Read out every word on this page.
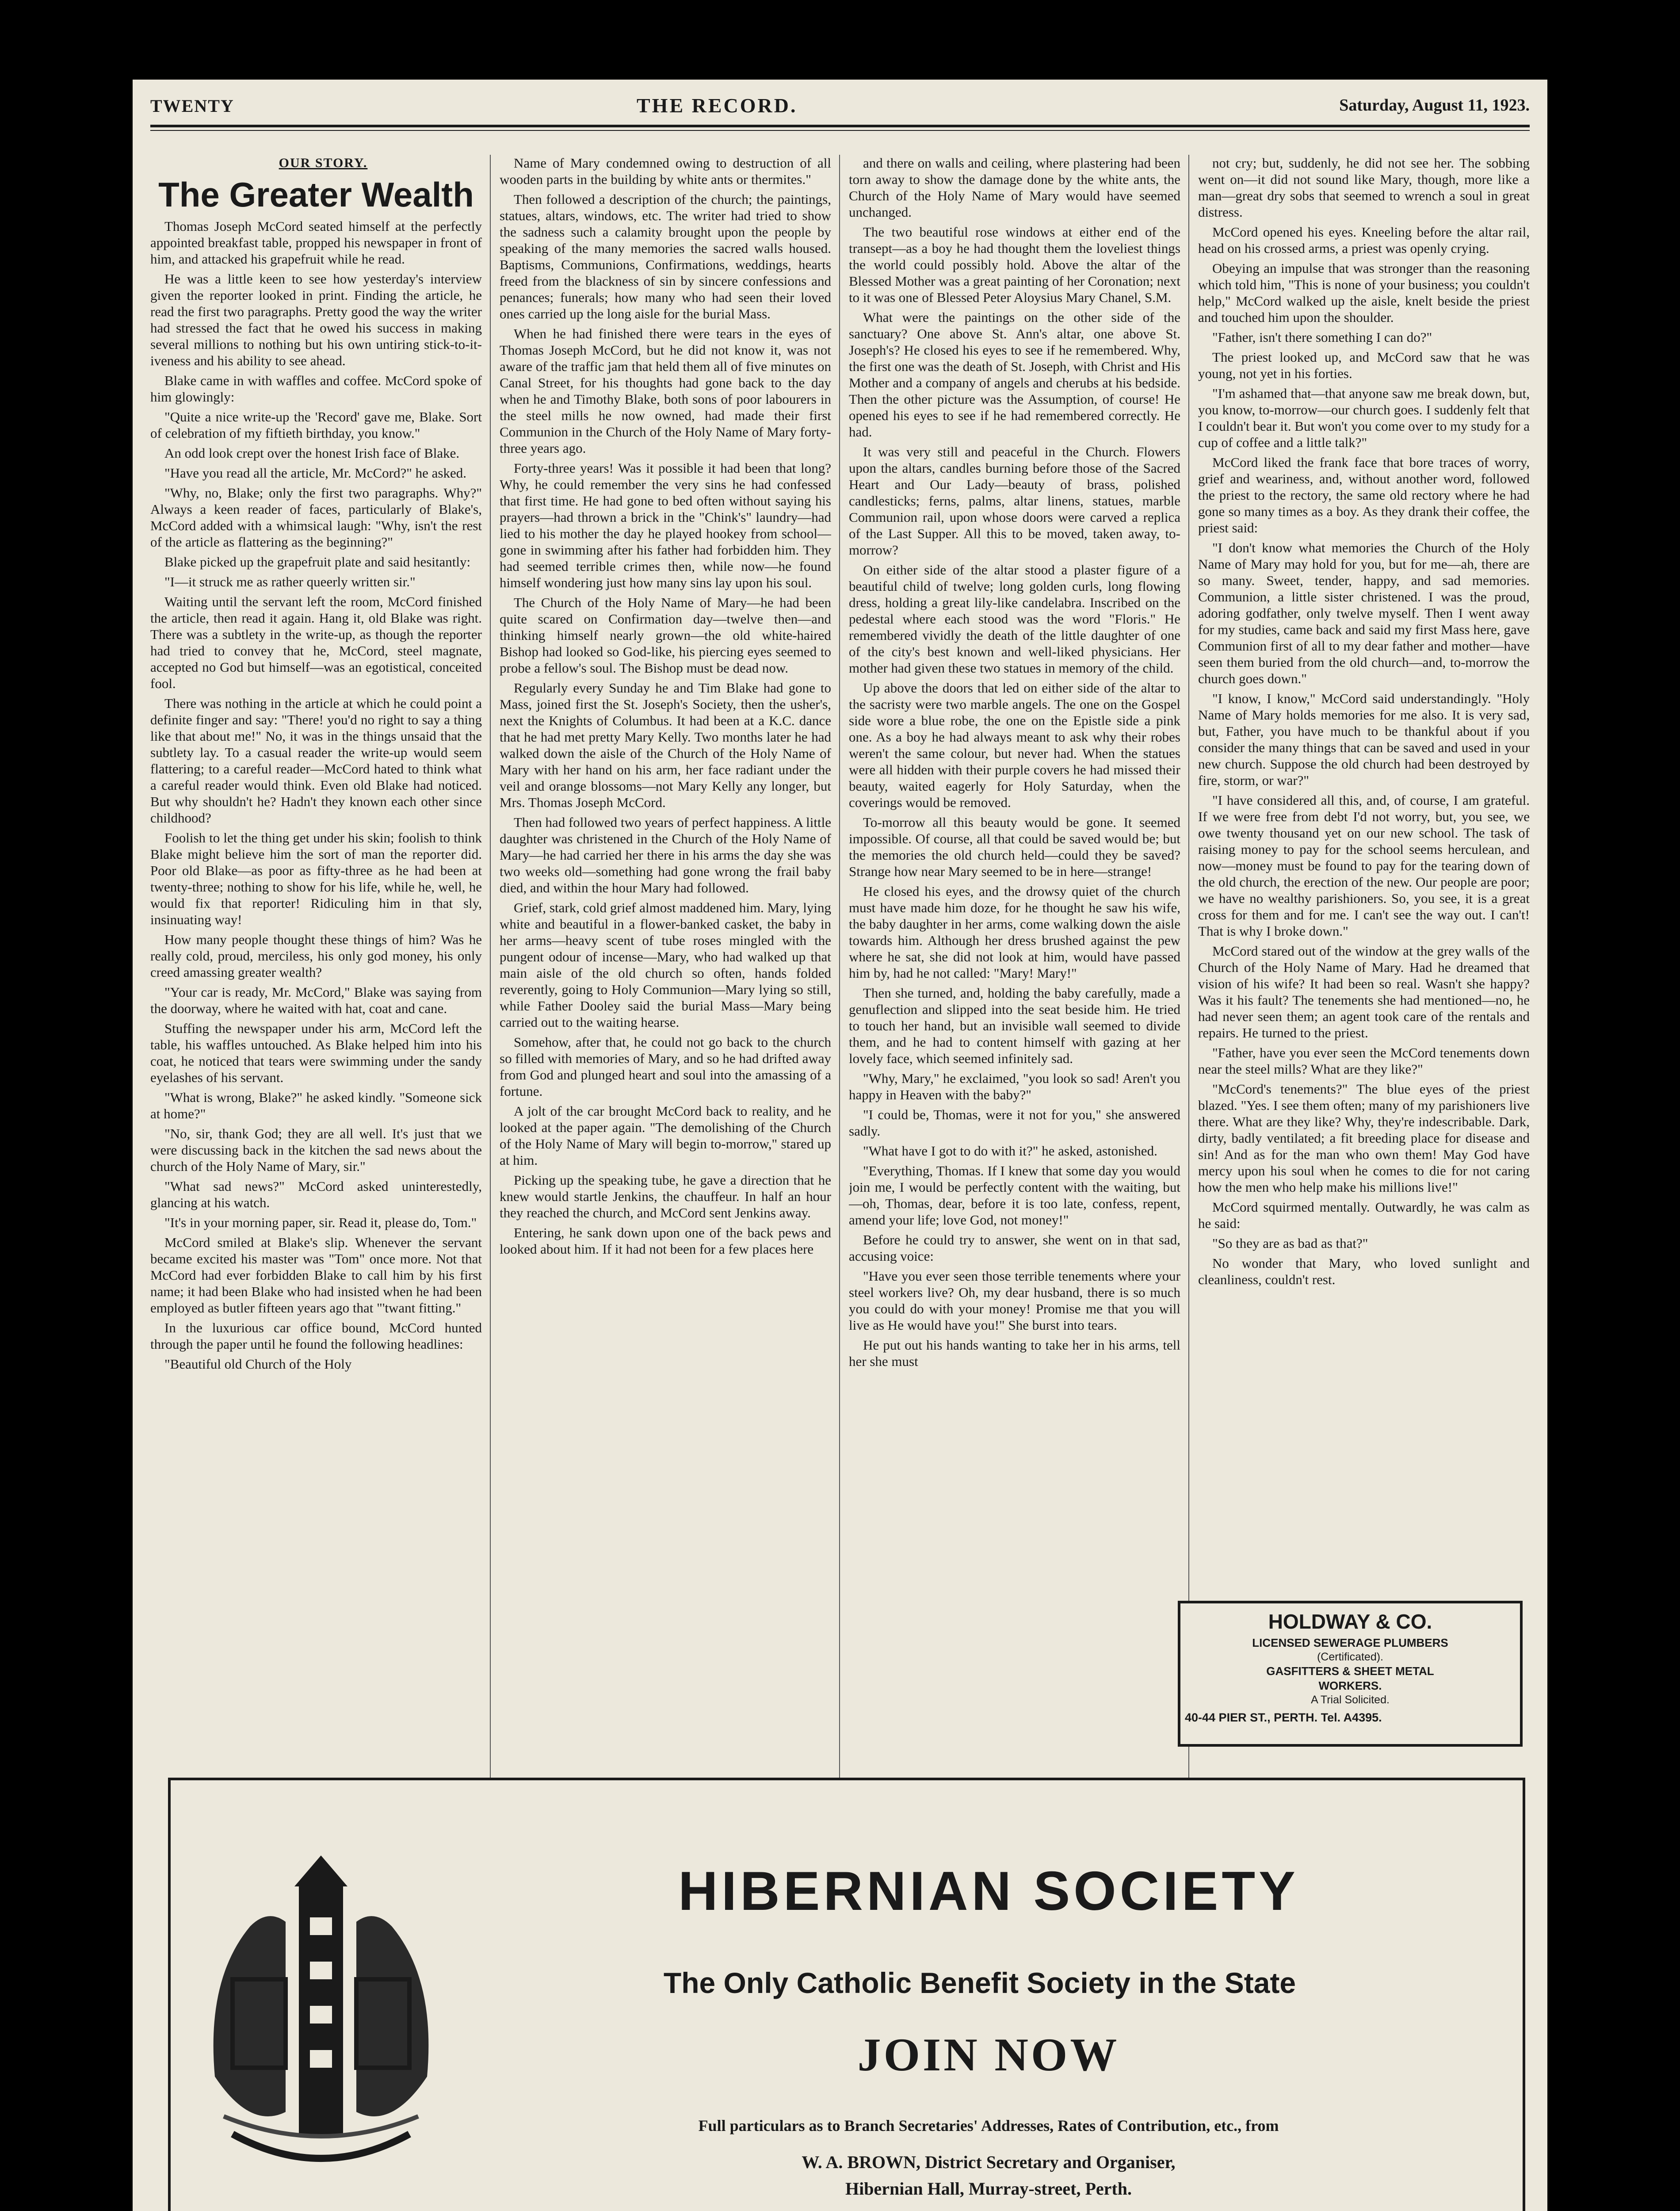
TWENTY	THE RECORD.	Saturday, August 11, 1923.

OUR STORY.

The Greater Wealth

Thomas Joseph McCord seated himself at the perfectly appointed breakfast table, propped his newspaper in front of him, and attacked his grapefruit while he read.

He was a little keen to see how yesterday's interview given the reporter looked in print. Finding the article, he read the first two paragraphs. Pretty good the way the writer had stressed the fact that he owed his success in making several millions to nothing but his own untiring stick-to-it-iveness and his ability to see ahead.

Blake came in with waffles and coffee. McCord spoke of him glowingly:

"Quite a nice write-up the 'Record' gave me, Blake. Sort of celebration of my fiftieth birthday, you know."

An odd look crept over the honest Irish face of Blake.

"Have you read all the article, Mr. McCord?" he asked.

"Why, no, Blake; only the first two paragraphs. Why?" Always a keen reader of faces, particularly of Blake's, McCord added with a whimsical laugh: "Why, isn't the rest of the article as flattering as the beginning?"

Blake picked up the grapefruit plate and said hesitantly:

"I—it struck me as rather queerly written sir."

Waiting until the servant left the room, McCord finished the article, then read it again. Hang it, old Blake was right. There was a subtlety in the write-up, as though the reporter had tried to convey that he, McCord, steel magnate, accepted no God but himself—was an egotistical, conceited fool.

There was nothing in the article at which he could point a definite finger and say: "There! you'd no right to say a thing like that about me!" No, it was in the things unsaid that the subtlety lay. To a casual reader the write-up would seem flattering; to a careful reader—McCord hated to think what a careful reader would think. Even old Blake had noticed. But why shouldn't he? Hadn't they known each other since childhood?

Foolish to let the thing get under his skin; foolish to think Blake might believe him the sort of man the reporter did. Poor old Blake—as poor as fifty-three as he had been at twenty-three; nothing to show for his life, while he, well, he would fix that reporter! Ridiculing him in that sly, insinuating way!

How many people thought these things of him? Was he really cold, proud, merciless, his only god money, his only creed amassing greater wealth?

"Your car is ready, Mr. McCord," Blake was saying from the doorway, where he waited with hat, coat and cane.

Stuffing the newspaper under his arm, McCord left the table, his waffles untouched. As Blake helped him into his coat, he noticed that tears were swimming under the sandy eyelashes of his servant.

"What is wrong, Blake?" he asked kindly. "Someone sick at home?"

"No, sir, thank God; they are all well. It's just that we were discussing back in the kitchen the sad news about the church of the Holy Name of Mary, sir."

"What sad news?" McCord asked uninterestedly, glancing at his watch.

"It's in your morning paper, sir. Read it, please do, Tom."

McCord smiled at Blake's slip. Whenever the servant became excited his master was "Tom" once more. Not that McCord had ever forbidden Blake to call him by his first name; it had been Blake who had insisted when he had been employed as butler fifteen years ago that "'twant fitting."

In the luxurious car office bound, McCord hunted through the paper until he found the following headlines:

"Beautiful old Church of the Holy

Name of Mary condemned owing to destruction of all wooden parts in the building by white ants or thermites."

Then followed a description of the church; the paintings, statues, altars, windows, etc. The writer had tried to show the sadness such a calamity brought upon the people by speaking of the many memories the sacred walls housed. Baptisms, Communions, Confirmations, weddings, hearts freed from the blackness of sin by sincere confessions and penances; funerals; how many who had seen their loved ones carried up the long aisle for the burial Mass.

When he had finished there were tears in the eyes of Thomas Joseph McCord, but he did not know it, was not aware of the traffic jam that held them all of five minutes on Canal Street, for his thoughts had gone back to the day when he and Timothy Blake, both sons of poor labourers in the steel mills he now owned, had made their first Communion in the Church of the Holy Name of Mary forty-three years ago.

Forty-three years! Was it possible it had been that long? Why, he could remember the very sins he had confessed that first time. He had gone to bed often without saying his prayers—had thrown a brick in the "Chink's" laundry—had lied to his mother the day he played hookey from school—gone in swimming after his father had forbidden him. They had seemed terrible crimes then, while now—he found himself wondering just how many sins lay upon his soul.

The Church of the Holy Name of Mary—he had been quite scared on Confirmation day—twelve then—and thinking himself nearly grown—the old white-haired Bishop had looked so God-like, his piercing eyes seemed to probe a fellow's soul. The Bishop must be dead now.

Regularly every Sunday he and Tim Blake had gone to Mass, joined first the St. Joseph's Society, then the usher's, next the Knights of Columbus. It had been at a K.C. dance that he had met pretty Mary Kelly. Two months later he had walked down the aisle of the Church of the Holy Name of Mary with her hand on his arm, her face radiant under the veil and orange blossoms—not Mary Kelly any longer, but Mrs. Thomas Joseph McCord.

Then had followed two years of perfect happiness. A little daughter was christened in the Church of the Holy Name of Mary—he had carried her there in his arms the day she was two weeks old—something had gone wrong the frail baby died, and within the hour Mary had followed.

Grief, stark, cold grief almost maddened him. Mary, lying white and beautiful in a flower-banked casket, the baby in her arms—heavy scent of tube roses mingled with the pungent odour of incense—Mary, who had walked up that main aisle of the old church so often, hands folded reverently, going to Holy Communion—Mary lying so still, while Father Dooley said the burial Mass—Mary being carried out to the waiting hearse.

Somehow, after that, he could not go back to the church so filled with memories of Mary, and so he had drifted away from God and plunged heart and soul into the amassing of a fortune.

A jolt of the car brought McCord back to reality, and he looked at the paper again. "The demolishing of the Church of the Holy Name of Mary will begin to-morrow," stared up at him.

Picking up the speaking tube, he gave a direction that he knew would startle Jenkins, the chauffeur. In half an hour they reached the church, and McCord sent Jenkins away.

Entering, he sank down upon one of the back pews and looked about him. If it had not been for a few places here

and there on walls and ceiling, where plastering had been torn away to show the damage done by the white ants, the Church of the Holy Name of Mary would have seemed unchanged.

The two beautiful rose windows at either end of the transept—as a boy he had thought them the loveliest things the world could possibly hold. Above the altar of the Blessed Mother was a great painting of her Coronation; next to it was one of Blessed Peter Aloysius Mary Chanel, S.M.

What were the paintings on the other side of the sanctuary? One above St. Ann's altar, one above St. Joseph's? He closed his eyes to see if he remembered. Why, the first one was the death of St. Joseph, with Christ and His Mother and a company of angels and cherubs at his bedside. Then the other picture was the Assumption, of course! He opened his eyes to see if he had remembered correctly. He had.

It was very still and peaceful in the Church. Flowers upon the altars, candles burning before those of the Sacred Heart and Our Lady—beauty of brass, polished candlesticks; ferns, palms, altar linens, statues, marble Communion rail, upon whose doors were carved a replica of the Last Supper. All this to be moved, taken away, to-morrow?

On either side of the altar stood a plaster figure of a beautiful child of twelve; long golden curls, long flowing dress, holding a great lily-like candelabra. Inscribed on the pedestal where each stood was the word "Floris." He remembered vividly the death of the little daughter of one of the city's best known and well-liked physicians. Her mother had given these two statues in memory of the child.

Up above the doors that led on either side of the altar to the sacristy were two marble angels. The one on the Gospel side wore a blue robe, the one on the Epistle side a pink one. As a boy he had always meant to ask why their robes weren't the same colour, but never had. When the statues were all hidden with their purple covers he had missed their beauty, waited eagerly for Holy Saturday, when the coverings would be removed.

To-morrow all this beauty would be gone. It seemed impossible. Of course, all that could be saved would be; but the memories the old church held—could they be saved? Strange how near Mary seemed to be in here—strange!

He closed his eyes, and the drowsy quiet of the church must have made him doze, for he thought he saw his wife, the baby daughter in her arms, come walking down the aisle towards him. Although her dress brushed against the pew where he sat, she did not look at him, would have passed him by, had he not called: "Mary! Mary!"

Then she turned, and, holding the baby carefully, made a genuflection and slipped into the seat beside him. He tried to touch her hand, but an invisible wall seemed to divide them, and he had to content himself with gazing at her lovely face, which seemed infinitely sad.

"Why, Mary," he exclaimed, "you look so sad! Aren't you happy in Heaven with the baby?"

"I could be, Thomas, were it not for you," she answered sadly.

"What have I got to do with it?" he asked, astonished.

"Everything, Thomas. If I knew that some day you would join me, I would be perfectly content with the waiting, but—oh, Thomas, dear, before it is too late, confess, repent, amend your life; love God, not money!"

Before he could try to answer, she went on in that sad, accusing voice:

"Have you ever seen those terrible tenements where your steel workers live? Oh, my dear husband, there is so much you could do with your money! Promise me that you will live as He would have you!" She burst into tears.

He put out his hands wanting to take her in his arms, tell her she must

not cry; but, suddenly, he did not see her. The sobbing went on—it did not sound like Mary, though, more like a man—great dry sobs that seemed to wrench a soul in great distress.

McCord opened his eyes. Kneeling before the altar rail, head on his crossed arms, a priest was openly crying.

Obeying an impulse that was stronger than the reasoning which told him, "This is none of your business; you couldn't help," McCord walked up the aisle, knelt beside the priest and touched him upon the shoulder.

"Father, isn't there something I can do?"

The priest looked up, and McCord saw that he was young, not yet in his forties.

"I'm ashamed that—that anyone saw me break down, but, you know, to-morrow—our church goes. I suddenly felt that I couldn't bear it. But won't you come over to my study for a cup of coffee and a little talk?"

McCord liked the frank face that bore traces of worry, grief and weariness, and, without another word, followed the priest to the rectory, the same old rectory where he had gone so many times as a boy. As they drank their coffee, the priest said:

"I don't know what memories the Church of the Holy Name of Mary may hold for you, but for me—ah, there are so many. Sweet, tender, happy, and sad memories. Communion, a little sister christened. I was the proud, adoring godfather, only twelve myself. Then I went away for my studies, came back and said my first Mass here, gave Communion first of all to my dear father and mother—have seen them buried from the old church—and, to-morrow the church goes down."

"I know, I know," McCord said understandingly. "Holy Name of Mary holds memories for me also. It is very sad, but, Father, you have much to be thankful about if you consider the many things that can be saved and used in your new church. Suppose the old church had been destroyed by fire, storm, or war?"

"I have considered all this, and, of course, I am grateful. If we were free from debt I'd not worry, but, you see, we owe twenty thousand yet on our new school. The task of raising money to pay for the school seems herculean, and now—money must be found to pay for the tearing down of the old church, the erection of the new. Our people are poor; we have no wealthy parishioners. So, you see, it is a great cross for them and for me. I can't see the way out. I can't! That is why I broke down."

McCord stared out of the window at the grey walls of the Church of the Holy Name of Mary. Had he dreamed that vision of his wife? It had been so real. Wasn't she happy? Was it his fault? The tenements she had mentioned—no, he had never seen them; an agent took care of the rentals and repairs. He turned to the priest.

"Father, have you ever seen the McCord tenements down near the steel mills? What are they like?"

"McCord's tenements?" The blue eyes of the priest blazed. "Yes. I see them often; many of my parishioners live there. What are they like? Why, they're indescribable. Dark, dirty, badly ventilated; a fit breeding place for disease and sin! And as for the man who own them! May God have mercy upon his soul when he comes to die for not caring how the men who help make his millions live!"

McCord squirmed mentally. Outwardly, he was calm as he said:

"So they are as bad as that?"

No wonder that Mary, who loved sunlight and cleanliness, couldn't rest.

HOLDWAY & CO.

LICENSED SEWERAGE PLUMBERS

(Certificated).

GASFITTERS & SHEET METAL

WORKERS.

A Trial Solicited.

40-44 PIER ST., PERTH. Tel. A4395.

HIBERNIAN SOCIETY
The Only Catholic Benefit Society in the State
JOIN NOW
Full particulars as to Branch Secretaries' Addresses, Rates of Contribution, etc., from
W. A. BROWN, District Secretary and Organiser,
Hibernian Hall, Murray-street, Perth.
